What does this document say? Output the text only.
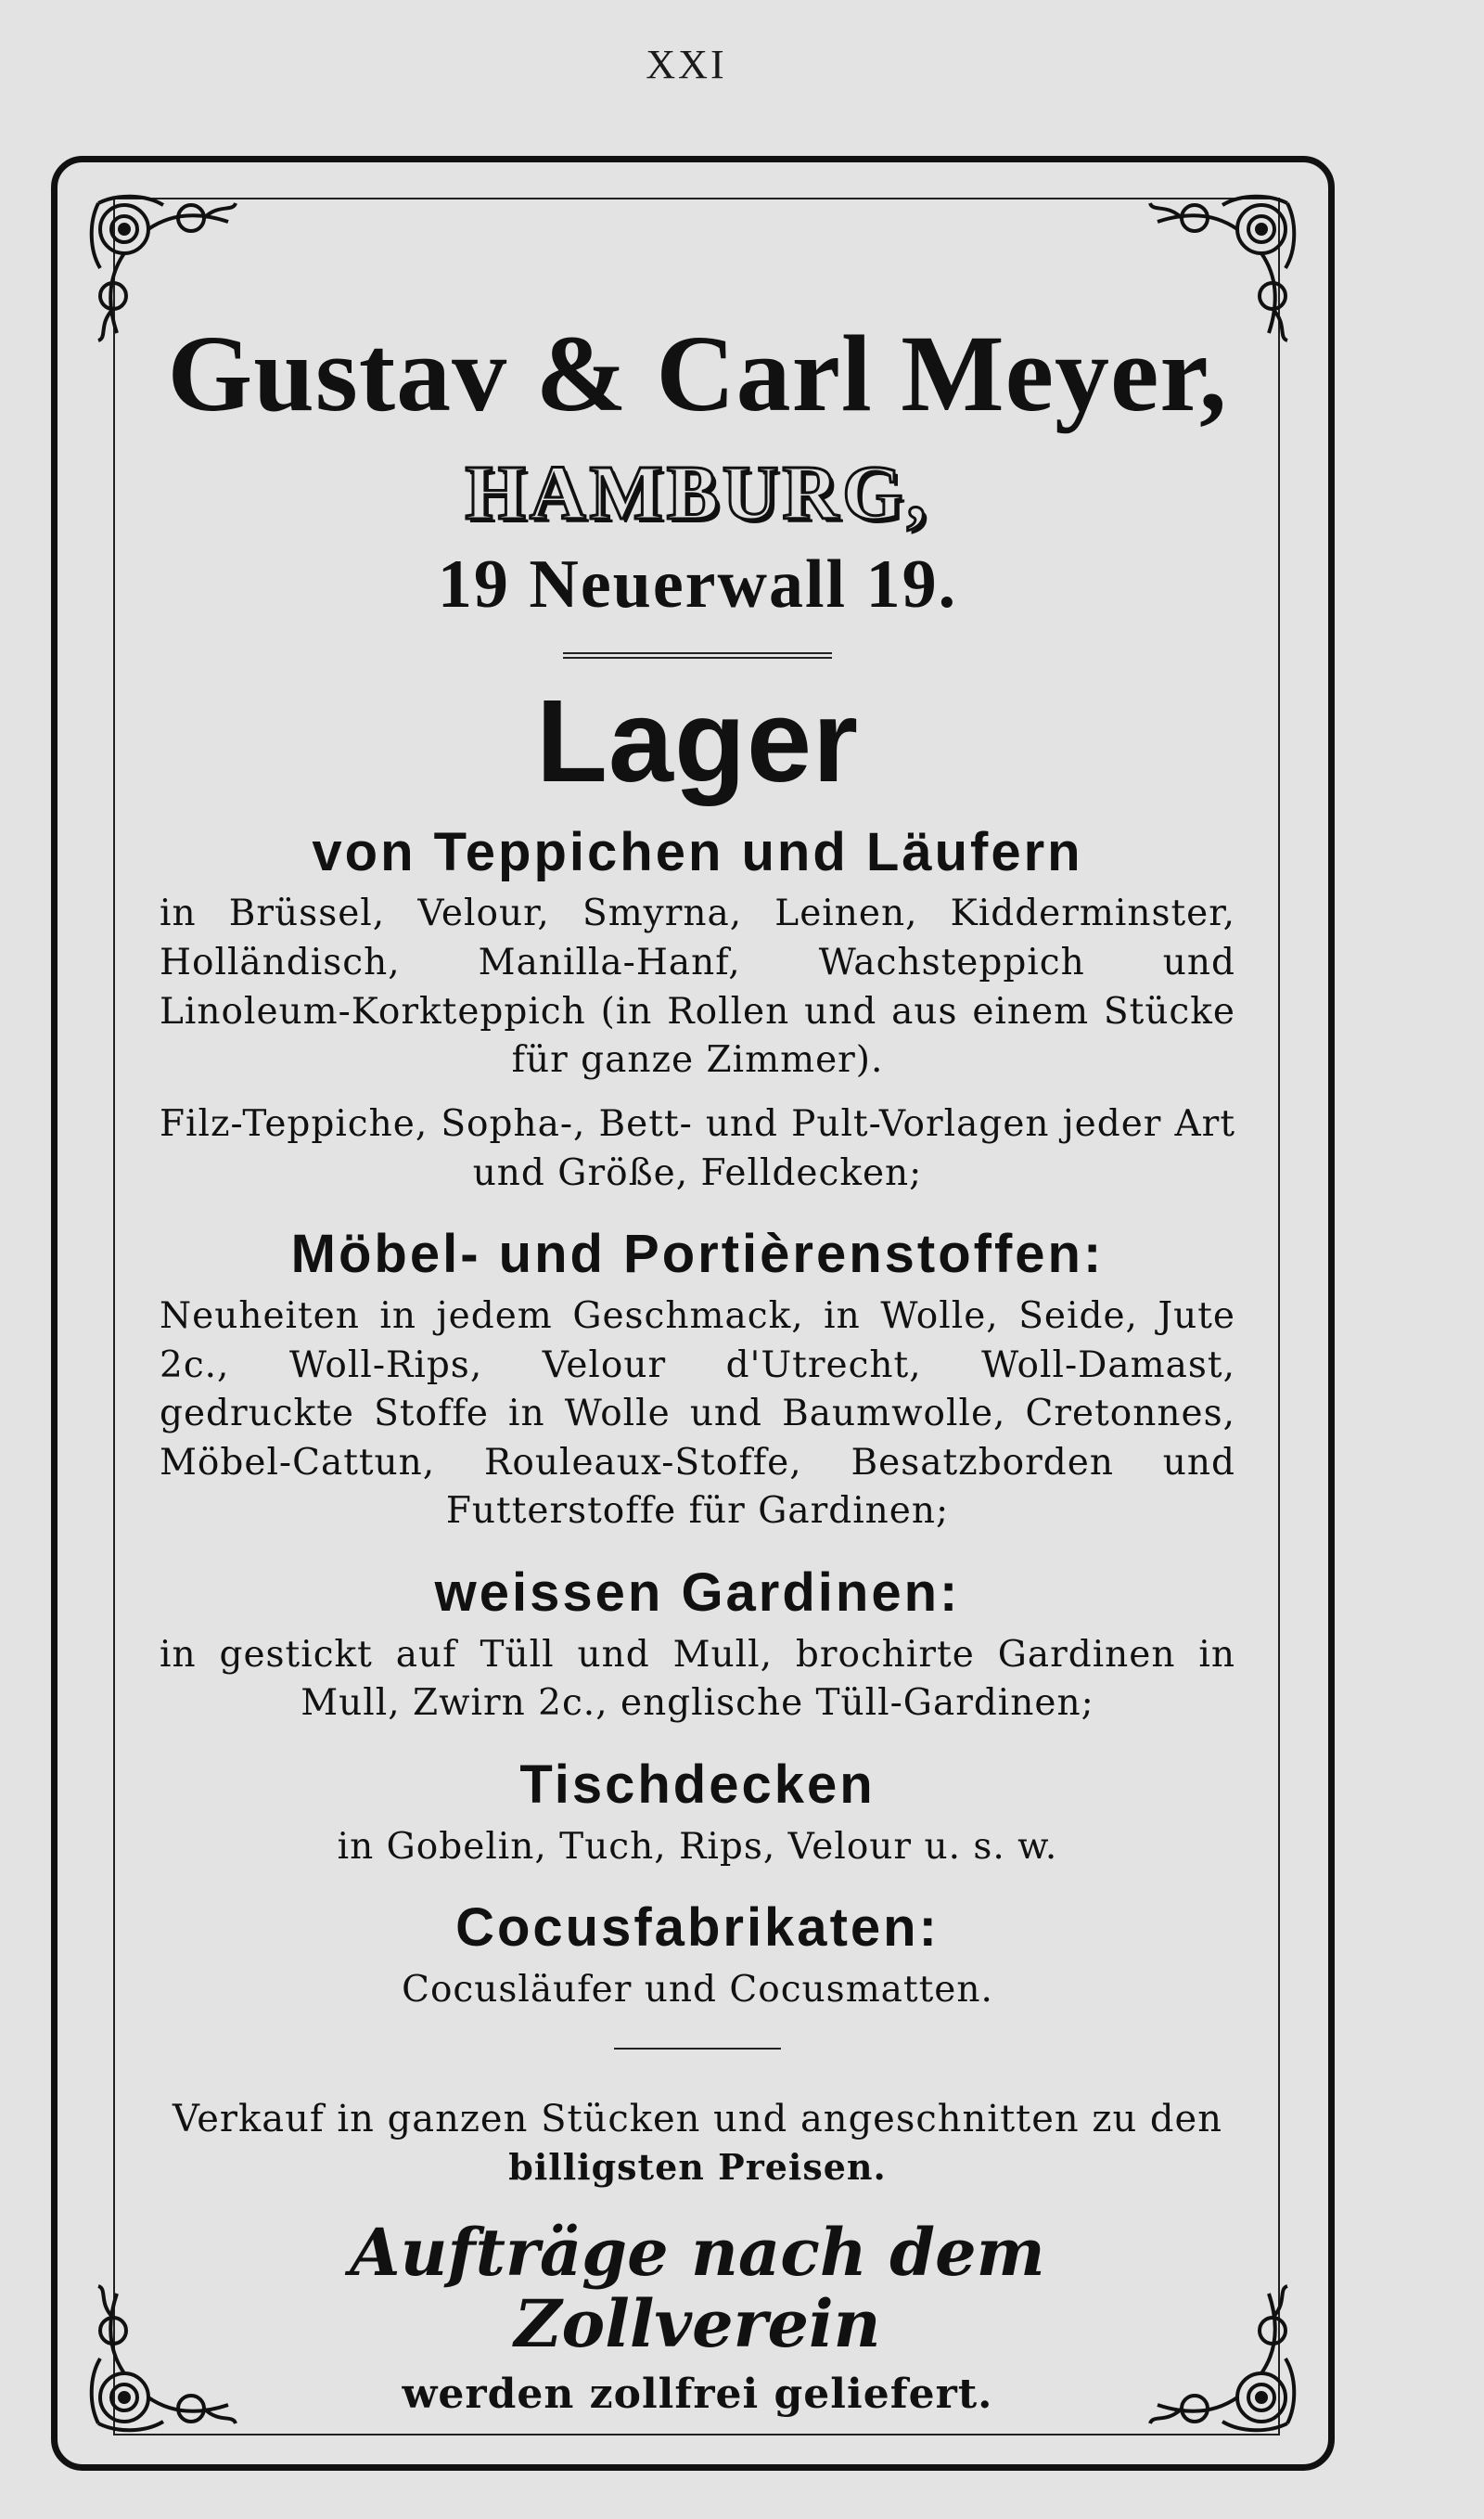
XXI
Gustav & Carl Meyer,
HAMBURG,
19 Neuerwall 19.
Lager
von Teppichen und Läufern

in Brüssel, Velour, Smyrna, Leinen, Kidderminster, Holländisch, Manilla-Hanf, Wachsteppich und Linoleum-Korkteppich (in Rollen und aus einem Stücke für ganze Zimmer).

Filz-Teppiche, Sopha-, Bett- und Pult-Vorlagen jeder Art und Größe, Felldecken;

Möbel- und Portièrenstoffen:

Neuheiten in jedem Geschmack, in Wolle, Seide, Jute 2c., Woll-Rips, Velour d'Utrecht, Woll-Damast, gedruckte Stoffe in Wolle und Baumwolle, Cretonnes, Möbel-Cattun, Rouleaux-Stoffe, Besatzborden und Futterstoffe für Gardinen;

weissen Gardinen:

in gestickt auf Tüll und Mull, brochirte Gardinen in Mull, Zwirn 2c., englische Tüll-Gardinen;

Tischdecken
in Gobelin, Tuch, Rips, Velour u. s. w.
Cocusfabrikaten:
Cocusläufer und Cocusmatten.
Verkauf in ganzen Stücken und angeschnitten zu den
billigsten Preisen.
Aufträge nach dem Zollverein
werden zollfrei geliefert.
